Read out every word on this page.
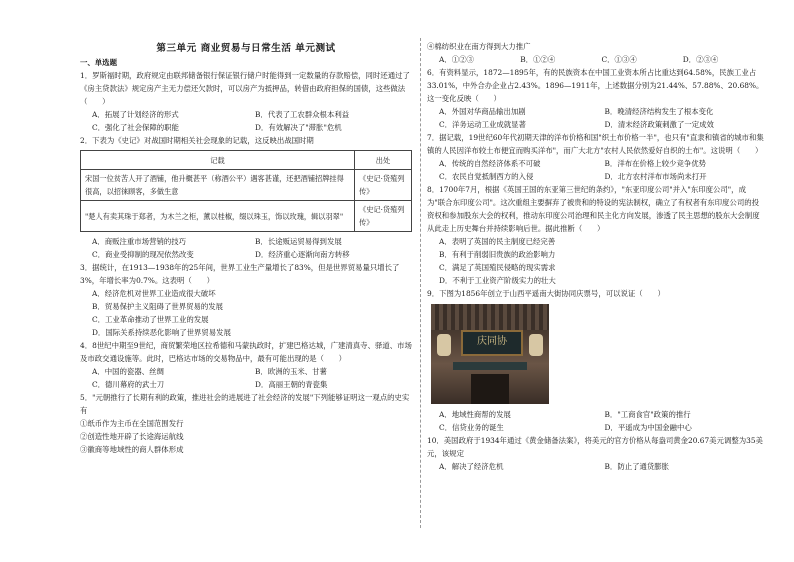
第三单元 商业贸易与日常生活 单元测试

一、单选题

1．罗斯福时期，政府规定由联邦储备银行保证银行储户时能得到一定数量的存款赔偿，同时还通过了《房主贷款法》规定房产主无力偿还欠款时，可以房产为抵押品，转借由政府担保的国债，这些做法（　　）

A．拓展了计划经济的形式	B．代表了工农群众根本利益
C．强化了社会保障的职能	D．有效解决了"滞胀"危机

2．下表为《史记》对战国时期相关社会现象的记载，这反映出战国时期

记载	出处
宋国一位贫苦人开了酒铺，他升概甚平（称酒公平）遇客甚谨，还把酒铺招牌挂得很高，以招徕顾客，多做生意	《史记·货殖列传》
"楚人有卖其珠于郑者，为木兰之柜，薰以桂椒，缀以珠玉，饰以玫瑰，辑以羽翠"	《史记·货殖列传》
A．商贩注重市场营销的技巧	B．长途贩运贸易得到发展
C．商业受抑制的现况依然改变	D．经济重心逐渐向南方转移

3．据统计，在1913—1938年的25年间，世界工业生产量增长了83%，但是世界贸易量只增长了3%，年增长率为0.7%。这表明（　　）

A．经济危机对世界工业造成很大破坏

B．贸易保护主义阻碍了世界贸易的发展

C．工业革命推动了世界工业的发展

D．国际关系持续恶化影响了世界贸易发展

4．8世纪中期至9世纪，商贸繁荣地区拉希德和马蒙执政时，扩建巴格达城，广建清真寺、驿道、市场及市政交通设施等。此时，巴格达市场的交易物品中，最有可能出现的是（　　）

A．中国的瓷器、丝绸	B．欧洲的玉米、甘薯
C．德川幕府的武士刀	D．高丽王朝的青瓷集

5．"元朝推行了长期有利的政策，推进社会的进展进了社会经济的发展"下列能够证明这一观点的史实有

①纸币作为主币在全国范围发行

②创造性地开辟了长途海运航线

③徽商等地域性的商人群体形成

④棉纺织业在南方得到大力推广

A．①②③	B．①②④	C．①③④	D．②③④

6．有资料显示，1872—1895年，有的民族资本在中国工业资本所占比重达到64.58%，民族工业占33.01%，中外合办企业占2.43%。1896—1911年，上述数据分别为21.44%、57.88%、20.68%。这一变化反映（　　）

A．外国对华商品输出加剧	B．晚清经济结构发生了根本变化
C．洋务运动工业成就显著	D．清末经济政策刺激了一定成效

7．据记载，19世纪60年代初期天津的洋布价格和国"织土布价格一半"，也只有"直隶和镇省的城市和集镇的人民因洋布较土布便宜而购买洋布"，而广大北方"农村人民依然爱好自织的土布"。这说明（　　）

A．传统的自然经济体系不可破	B．洋布在价格上较少竞争优势
C．农民自觉抵制西方的入侵	D．北方农村洋布市场尚未打开

8．1700年7月，根据《英国王国的东亚第三世纪的条约》，"东亚印度公司"并入"东印度公司"，成为"联合东印度公司"。这次重组主要摒弃了被贵和的特设的宪法制权，确立了有权者有东印度公司的投资权和参加股东大会的权利，推动东印度公司治理和民主化方向发展，渗透了民主思想的股东大会制度从此走上历史舞台并持续影响后世。据此推断（　　）

A．表明了英国的民主制度已经完善

B．有利于削弱旧贵族的政治影响力

C．满足了英国殖民侵略的现实需求

D．不利于工业资产阶级实力的壮大

9．下图为1856年创立于山西平遥南大街协同庆票号，可以说证（　　）

庆同协
A．地域性商帮的发展	B．"工商食官"政策的推行
C．信贷业务的诞生	D．平遥成为中国金融中心

10．美国政府于1934年通过《黄金储备法案》，将美元的官方价格从每盎司黄金20.67美元调整为35美元，该规定

A．解决了经济危机	B．防止了通货膨胀
